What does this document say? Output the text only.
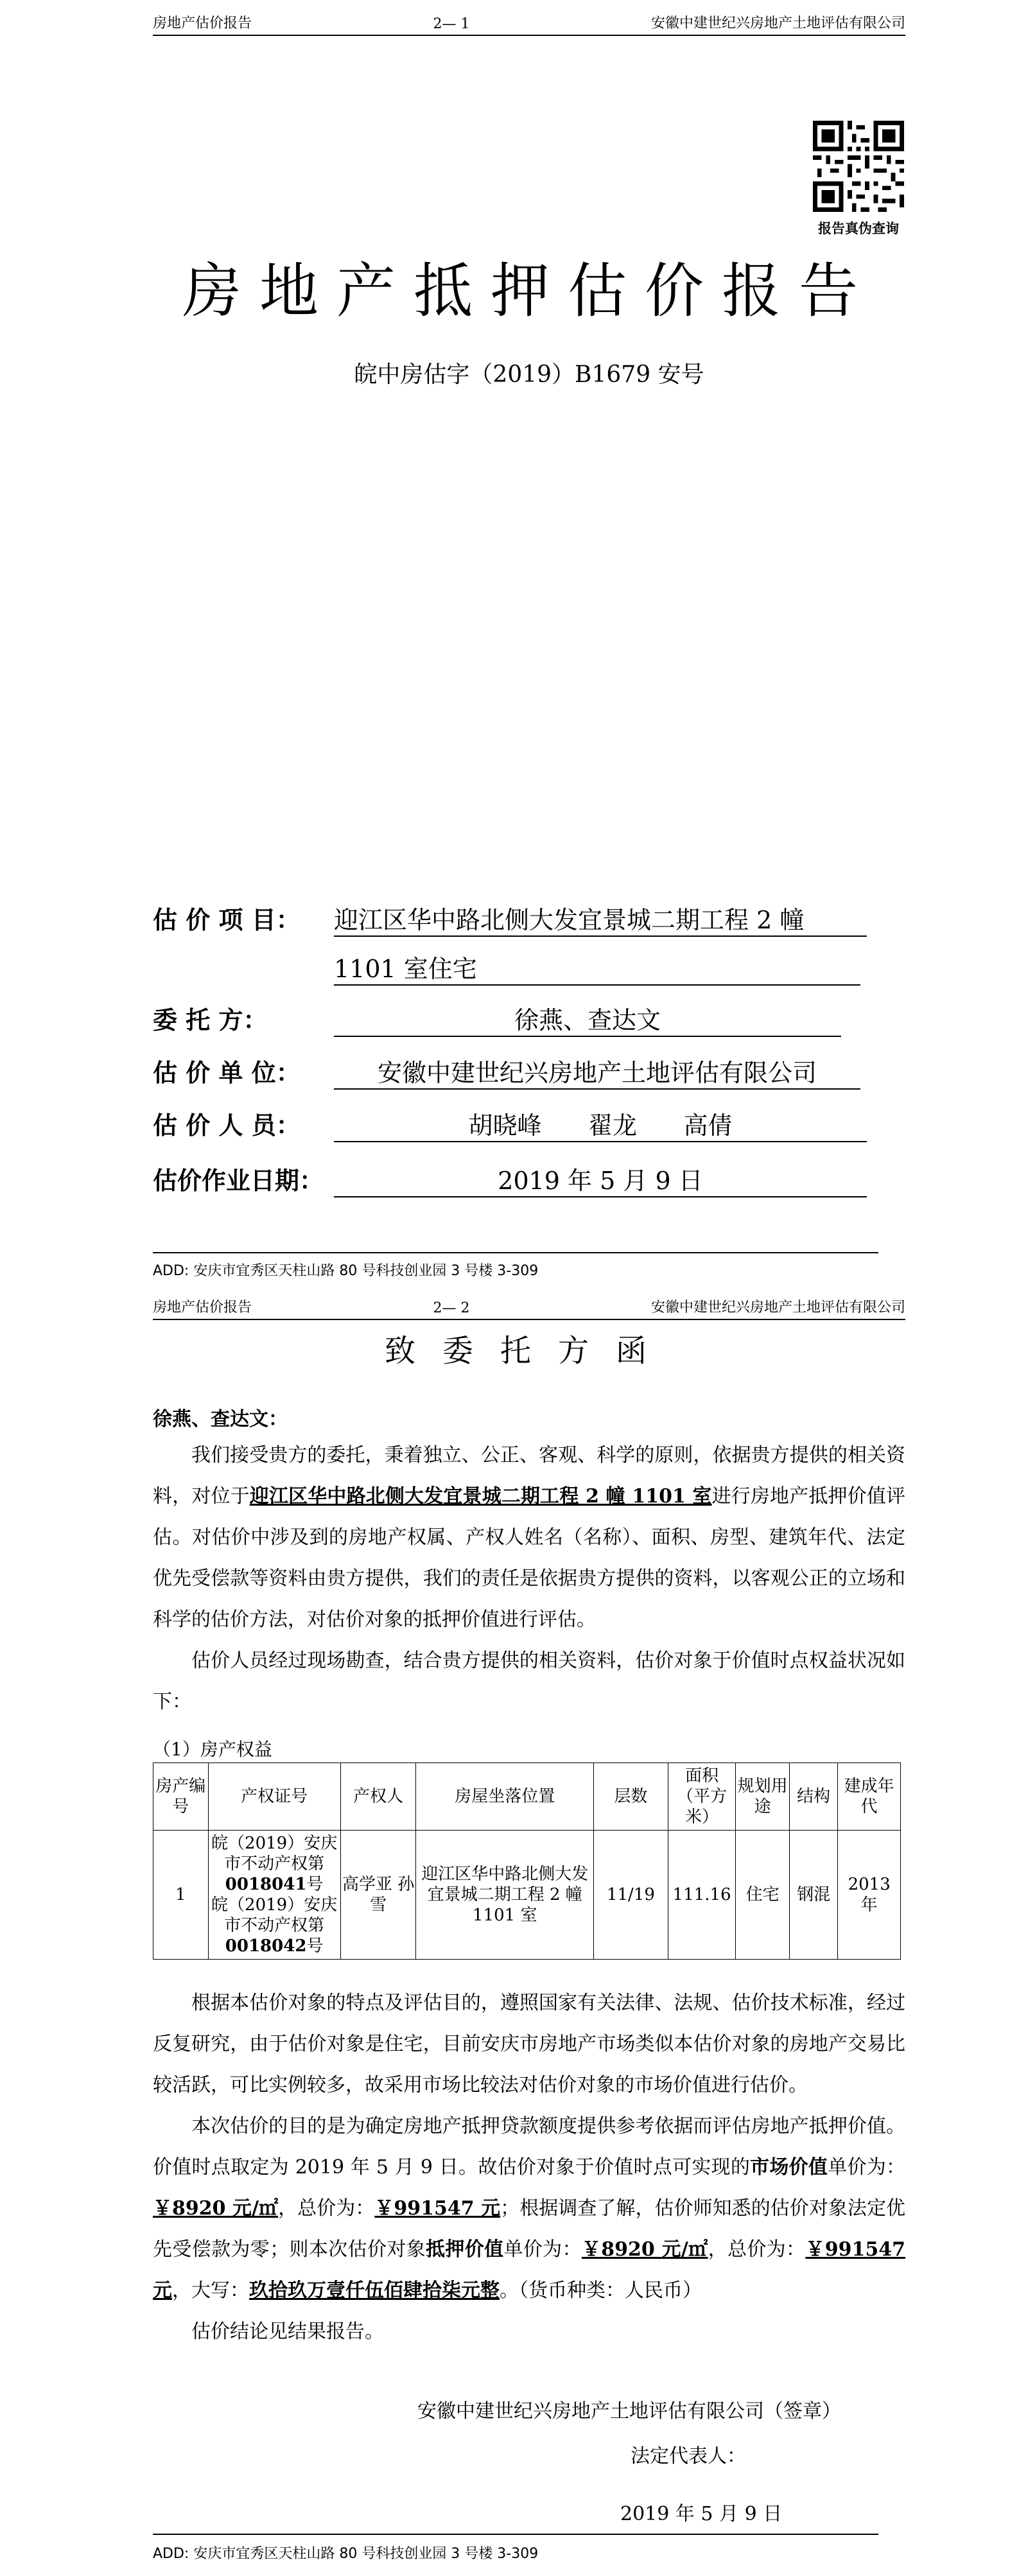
房地产估价报告	2— 1	安徽中建世纪兴房地产土地评估有限公司
报告真伪查询
房地产抵押估价报告
皖中房估字（2019）B1679 安号
估 价 项 目： 迎江区华中路北侧大发宜景城二期工程 2 幢
1101 室住宅
委 托 方：	徐燕、查达文
估 价 单 位：	安徽中建世纪兴房地产土地评估有限公司
估 价 人 员：	胡晓峰      翟龙      高倩
估价作业日期：	2019 年 5 月 9 日
ADD: 安庆市宜秀区天柱山路 80 号科技创业园 3 号楼 3-309
房地产估价报告	2— 2	安徽中建世纪兴房地产土地评估有限公司
致委托方函
徐燕、查达文：
我们接受贵方的委托，秉着独立、公正、客观、科学的原则，依据贵方提供的相关资料，对位于迎江区华中路北侧大发宜景城二期工程 2 幢 1101 室进行房地产抵押价值评估。对估价中涉及到的房地产权属、产权人姓名（名称）、面积、房型、建筑年代、法定优先受偿款等资料由贵方提供，我们的责任是依据贵方提供的资料，以客观公正的立场和科学的估价方法，对估价对象的抵押价值进行评估。
估价人员经过现场勘查，结合贵方提供的相关资料，估价对象于价值时点权益状况如下：
（1）房产权益
房产编号	产权证号	产权人	房屋坐落位置	层数	面积（平方米）	规划用途	结构	建成年代
1	皖（2019）安庆市不动产权第0018041号
皖（2019）安庆市不动产权第0018042号	高学亚 孙 雪	迎江区华中路北侧大发宜景城二期工程 2 幢 1101 室	11/19	111.16	住宅	钢混	2013 年
根据本估价对象的特点及评估目的，遵照国家有关法律、法规、估价技术标准，经过反复研究，由于估价对象是住宅，目前安庆市房地产市场类似本估价对象的房地产交易比较活跃，可比实例较多，故采用市场比较法对估价对象的市场价值进行估价。
本次估价的目的是为确定房地产抵押贷款额度提供参考依据而评估房地产抵押价值。价值时点取定为 2019 年 5 月 9 日。故估价对象于价值时点可实现的市场价值单价为：￥8920 元/㎡，总价为：￥991547 元；根据调查了解，估价师知悉的估价对象法定优先受偿款为零；则本次估价对象抵押价值单价为：￥8920 元/㎡，总价为：￥991547 元，大写：玖拾玖万壹仟伍佰肆拾柒元整。（货币种类：人民币）
估价结论见结果报告。
安徽中建世纪兴房地产土地评估有限公司（签章）
法定代表人：
2019 年 5 月 9 日
ADD: 安庆市宜秀区天柱山路 80 号科技创业园 3 号楼 3-309
